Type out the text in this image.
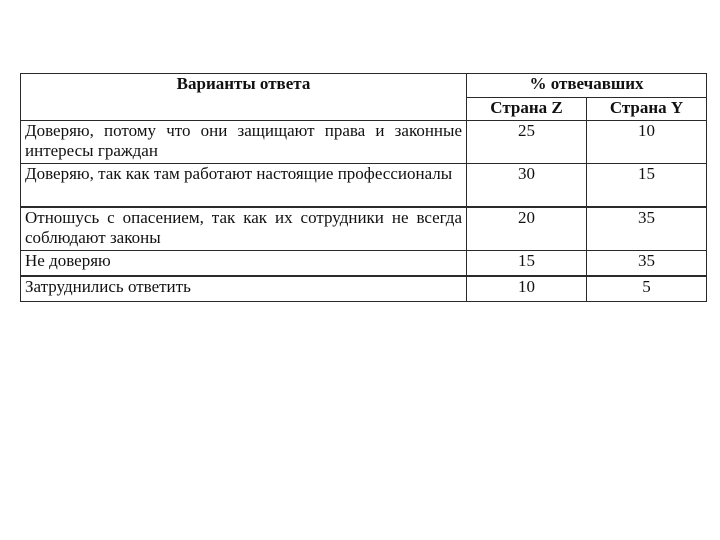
Варианты ответа	% отвечавших	
	Страна Z	Страна Y
Доверяю, потому что они защищают права и законные интересы граждан	25	10
Доверяю, так как там работают настоящие профессионалы	30	15
Отношусь с опасением, так как их сотрудники не всегда соблюдают законы	20	35
Не доверяю	15	35
Затруднились ответить	10	5
